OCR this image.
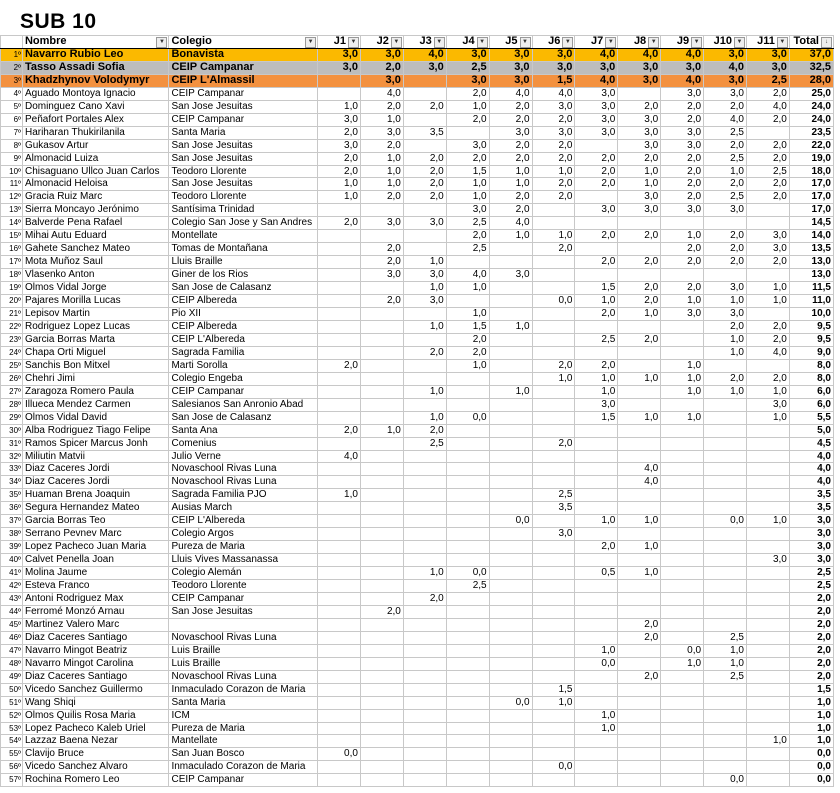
SUB 10
	Nombre ▼	Colegio ▼	J1 ▼	J2 ▼	J3 ▼	J4 ▼	J5 ▼	J6 ▼	J7 ▼	J8 ▼	J9 ▼	J10 ▼	J11 ▼	Total ↓

1º	Navarro Rubio Leo	Bonavista	3,0	3,0	4,0	3,0	3,0	3,0	4,0	4,0	4,0	3,0	3,0	37,0
2º	Tasso Assadi Sofia	CEIP Campanar	3,0	2,0	3,0	2,5	3,0	3,0	3,0	3,0	3,0	4,0	3,0	32,5
3º	Khadzhynov Volodymyr	CEIP L'Almassil		3,0		3,0	3,0	1,5	4,0	3,0	4,0	3,0	2,5	28,0
4º	Aguado Montoya Ignacio	CEIP Campanar		4,0		2,0	4,0	4,0	3,0		3,0	3,0	2,0	25,0
5º	Dominguez Cano Xavi	San Jose Jesuitas	1,0	2,0	2,0	1,0	2,0	3,0	3,0	2,0	2,0	2,0	4,0	24,0
6º	Peñafort Portales Alex	CEIP Campanar	3,0	1,0		2,0	2,0	2,0	3,0	3,0	2,0	4,0	2,0	24,0
7º	Hariharan Thukirilanila	Santa Maria	2,0	3,0	3,5		3,0	3,0	3,0	3,0	3,0	2,5		23,5
8º	Gukasov Artur	San Jose Jesuitas	3,0	2,0		3,0	2,0	2,0		3,0	3,0	2,0	2,0	22,0
9º	Almonacid Luiza	San Jose Jesuitas	2,0	1,0	2,0	2,0	2,0	2,0	2,0	2,0	2,0	2,5	2,0	19,0
10º	Chisaguano Ullco Juan Carlos	Teodoro Llorente	2,0	1,0	2,0	1,5	1,0	1,0	2,0	1,0	2,0	1,0	2,5	18,0
11º	Almonacid Heloisa	San Jose Jesuitas	1,0	1,0	2,0	1,0	1,0	2,0	2,0	1,0	2,0	2,0	2,0	17,0
12º	Gracia Ruiz Marc	Teodoro Llorente	1,0	2,0	2,0	1,0	2,0	2,0		3,0	2,0	2,5	2,0	17,0
13º	Sierra Moncayo Jerónimo	Santísima Trinidad				3,0	2,0		3,0	3,0	3,0	3,0		17,0
14º	Balverde Pena Rafael	Colegio San Jose y San Andres	2,0	3,0	3,0	2,5	4,0							14,5
15º	Mihai Autu Eduard	Montellate				2,0	1,0	1,0	2,0	2,0	1,0	2,0	3,0	14,0
16º	Gahete Sanchez Mateo	Tomas de Montañana		2,0		2,5		2,0			2,0	2,0	3,0	13,5
17º	Mota Muñoz Saul	Lluis Braille		2,0	1,0				2,0	2,0	2,0	2,0	2,0	13,0
18º	Vlasenko Anton	Giner de los Rios		3,0	3,0	4,0	3,0							13,0
19º	Olmos Vidal Jorge	San Jose de Calasanz			1,0	1,0			1,5	2,0	2,0	3,0	1,0	11,5
20º	Pajares Morilla Lucas	CEIP Albereda		2,0	3,0			0,0	1,0	2,0	1,0	1,0	1,0	11,0
21º	Lepisov Martin	Pio XII				1,0			2,0	1,0	3,0	3,0		10,0
22º	Rodriguez Lopez Lucas	CEIP Albereda			1,0	1,5	1,0					2,0	2,0	9,5
23º	Garcia Borras Marta	CEIP L'Albereda				2,0			2,5	2,0		1,0	2,0	9,5
24º	Chapa Orti Miguel	Sagrada Familia			2,0	2,0						1,0	4,0	9,0
25º	Sanchis Bon Mitxel	Marti Sorolla	2,0			1,0		2,0	2,0		1,0			8,0
26º	Chehri Jimi	Colegio Engeba						1,0	1,0	1,0	1,0	2,0	2,0	8,0
27º	Zaragoza Romero Paula	CEIP Campanar			1,0		1,0		1,0		1,0	1,0	1,0	6,0
28º	Illueca Mendez Carmen	Salesianos San Anronio Abad							3,0				3,0	6,0
29º	Olmos Vidal David	San Jose de Calasanz			1,0	0,0			1,5	1,0	1,0		1,0	5,5
30º	Alba Rodriguez Tiago Felipe	Santa Ana	2,0	1,0	2,0									5,0
31º	Ramos Spicer Marcus Jonh	Comenius			2,5			2,0						4,5
32º	Miliutin Matvii	Julio Verne	4,0											4,0
33º	Diaz Caceres Jordi	Novaschool Rivas Luna								4,0				4,0
34º	Diaz Caceres Jordi	Novaschool Rivas Luna								4,0				4,0
35º	Huaman Brena Joaquin	Sagrada Familia PJO	1,0					2,5						3,5
36º	Segura Hernandez Mateo	Ausias March						3,5						3,5
37º	Garcia Borras Teo	CEIP L'Albereda					0,0		1,0	1,0		0,0	1,0	3,0
38º	Serrano Pevnev Marc	Colegio Argos						3,0						3,0
39º	Lopez Pacheco Juan Maria	Pureza de Maria							2,0	1,0				3,0
40º	Calvet Penella Joan	Lluis Vives Massanassa											3,0	3,0
41º	Molina Jaume	Colegio Alemán			1,0	0,0			0,5	1,0				2,5
42º	Esteva Franco	Teodoro Llorente				2,5								2,5
43º	Antoni Rodriguez Max	CEIP Campanar			2,0									2,0
44º	Ferromé Monzó Arnau	San Jose Jesuitas		2,0										2,0
45º	Martinez Valero Marc									2,0				2,0
46º	Diaz Caceres Santiago	Novaschool Rivas Luna								2,0		2,5		2,0
47º	Navarro Mingot Beatriz	Luis Braille							1,0		0,0	1,0		2,0
48º	Navarro Mingot Carolina	Luis Braille							0,0		1,0	1,0		2,0
49º	Diaz Caceres Santiago	Novaschool Rivas Luna								2,0		2,5		2,0
50º	Vicedo Sanchez Guillermo	Inmaculado Corazon de Maria						1,5						1,5
51º	Wang Shiqi	Santa Maria					0,0	1,0						1,0
52º	Olmos Quilis Rosa Maria	ICM							1,0					1,0
53º	Lopez Pacheco Kaleb Uriel	Pureza de Maria							1,0					1,0
54º	Lazzaz Baena Nezar	Mantellate											1,0	1,0
55º	Clavijo Bruce	San Juan Bosco	0,0											0,0
56º	Vicedo Sanchez Alvaro	Inmaculado Corazon de Maria						0,0						0,0
57º	Rochina Romero Leo	CEIP Campanar										0,0		0,0
